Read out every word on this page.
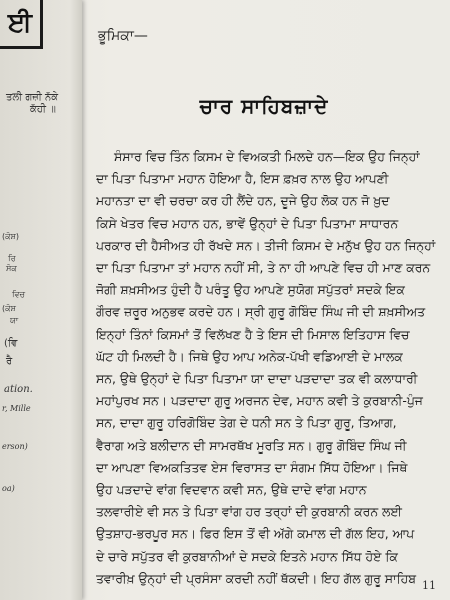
ਈ
ਤਲੀ ਗਜ਼ੀ ਨੱਕੇ
ਕੱਹੀ ॥
(ਕੋਸ਼)
ਰਿ
ਸੋਕ
ਵਿਚ
(ਕੋਸ਼
ਯਾ
(ਵਿ
ਰੈ
ation.
r, Mille
erson)
oa)
ਭੂਮਿਕਾ—
ਚਾਰ ਸਾਹਿਬਜ਼ਾਦੇ
ਸੰਸਾਰ ਵਿਚ ਤਿੰਨ ਕਿਸਮ ਦੇ ਵਿਅਕਤੀ ਮਿਲਦੇ ਹਨ—ਇਕ ਉਹ ਜਿਨ੍ਹਾਂ
ਦਾ ਪਿਤਾ ਪਿਤਾਮਾ ਮਹਾਨ ਹੋਇਆ ਹੈ, ਇਸ ਫ਼ਖ਼ਰ ਨਾਲ ਉਹ ਆਪਣੀ
ਮਹਾਨਤਾ ਦਾ ਵੀ ਚਰਚਾ ਕਰ ਹੀ ਲੈਂਦੇ ਹਨ, ਦੂਜੇ ਉਹ ਲੋਕ ਹਨ ਜੋ ਖ਼ੁਦ
ਕਿਸੇ ਖੇਤਰ ਵਿਚ ਮਹਾਨ ਹਨ, ਭਾਵੇਂ ਉਨ੍ਹਾਂ ਦੇ ਪਿਤਾ ਪਿਤਾਮਾ ਸਾਧਾਰਨ
ਪਰਕਾਰ ਦੀ ਹੈਸੀਅਤ ਹੀ ਰੱਖਦੇ ਸਨ। ਤੀਜੀ ਕਿਸਮ ਦੇ ਮਨੁੱਖ ਉਹ ਹਨ ਜਿਨ੍ਹਾਂ
ਦਾ ਪਿਤਾ ਪਿਤਾਮਾ ਤਾਂ ਮਹਾਨ ਨਹੀਂ ਸੀ, ਤੇ ਨਾ ਹੀ ਆਪਣੇ ਵਿਚ ਹੀ ਮਾਣ ਕਰਨ
ਜੋਗੀ ਸ਼ਖ਼ਸੀਅਤ ਹੁੰਦੀ ਹੈ ਪਰੰਤੂ ਉਹ ਆਪਣੇ ਸੁਯੋਗ ਸਪੁੱਤਰਾਂ ਸਦਕੇ ਇਕ
ਗੌਰਵ ਜ਼ਰੂਰ ਅਨੁਭਵ ਕਰਦੇ ਹਨ। ਸ੍ਰੀ ਗੁਰੂ ਗੋਬਿੰਦ ਸਿੰਘ ਜੀ ਦੀ ਸ਼ਖ਼ਸੀਅਤ
ਇਨ੍ਹਾਂ ਤਿੰਨਾਂ ਕਿਸਮਾਂ ਤੋਂ ਵਿਲੱਖਣ ਹੈ ਤੇ ਇਸ ਦੀ ਮਿਸਾਲ ਇਤਿਹਾਸ ਵਿਚ
ਘੱਟ ਹੀ ਮਿਲਦੀ ਹੈ। ਜਿਥੇ ਉਹ ਆਪ ਅਨੇਕ-ਪੱਖੀ ਵਡਿਆਈ ਦੇ ਮਾਲਕ
ਸਨ, ਉਥੇ ਉਨ੍ਹਾਂ ਦੇ ਪਿਤਾ ਪਿਤਾਮਾ ਯਾ ਦਾਦਾ ਪੜਦਾਦਾ ਤਕ ਵੀ ਕਲਾਧਾਰੀ
ਮਹਾਂਪੁਰਖ ਸਨ। ਪੜਦਾਦਾ ਗੁਰੂ ਅਰਜਨ ਦੇਵ, ਮਹਾਨ ਕਵੀ ਤੇ ਕੁਰਬਾਨੀ-ਪੁੰਜ
ਸਨ, ਦਾਦਾ ਗੁਰੂ ਹਰਿਗੋਬਿੰਦ ਤੇਗ ਦੇ ਧਨੀ ਸਨ ਤੇ ਪਿਤਾ ਗੁਰੂ, ਤਿਆਗ,
ਵੈਰਾਗ ਅਤੇ ਬਲੀਦਾਨ ਦੀ ਸਾਮਰਥੱਖ ਮੂਰਤਿ ਸਨ। ਗੁਰੂ ਗੋਬਿੰਦ ਸਿੰਘ ਜੀ
ਦਾ ਆਪਣਾ ਵਿਅਕਤਿਤਵ ਏਸ ਵਿਰਾਸਤ ਦਾ ਸੰਗਮ ਸਿੱਧ ਹੋਇਆ। ਜਿਥੇ
ਉਹ ਪੜਦਾਦੇ ਵਾਂਗ ਵਿਦਵਾਨ ਕਵੀ ਸਨ, ਉਥੇ ਦਾਦੇ ਵਾਂਗ ਮਹਾਨ
ਤਲਵਾਰੀਏ ਵੀ ਸਨ ਤੇ ਪਿਤਾ ਵਾਂਗ ਹਰ ਤਰ੍ਹਾਂ ਦੀ ਕੁਰਬਾਨੀ ਕਰਨ ਲਈ
ਉਤਸ਼ਾਹ-ਭਰਪੂਰ ਸਨ। ਫਿਰ ਇਸ ਤੋਂ ਵੀ ਅੱਗੇ ਕਮਾਲ ਦੀ ਗੱਲ ਇਹ, ਆਪ
ਦੇ ਚਾਰੇ ਸਪੁੱਤਰ ਵੀ ਕੁਰਬਾਨੀਆਂ ਦੇ ਸਦਕੇ ਇਤਨੇ ਮਹਾਨ ਸਿੱਧ ਹੋਏ ਕਿ
ਤਵਾਰੀਖ਼ ਉਨ੍ਹਾਂ ਦੀ ਪ੍ਰਸੰਸਾ ਕਰਦੀ ਨਹੀਂ ਥੱਕਦੀ। ਇਹ ਗੱਲ ਗੁਰੂ ਸਾਹਿਬ 11
